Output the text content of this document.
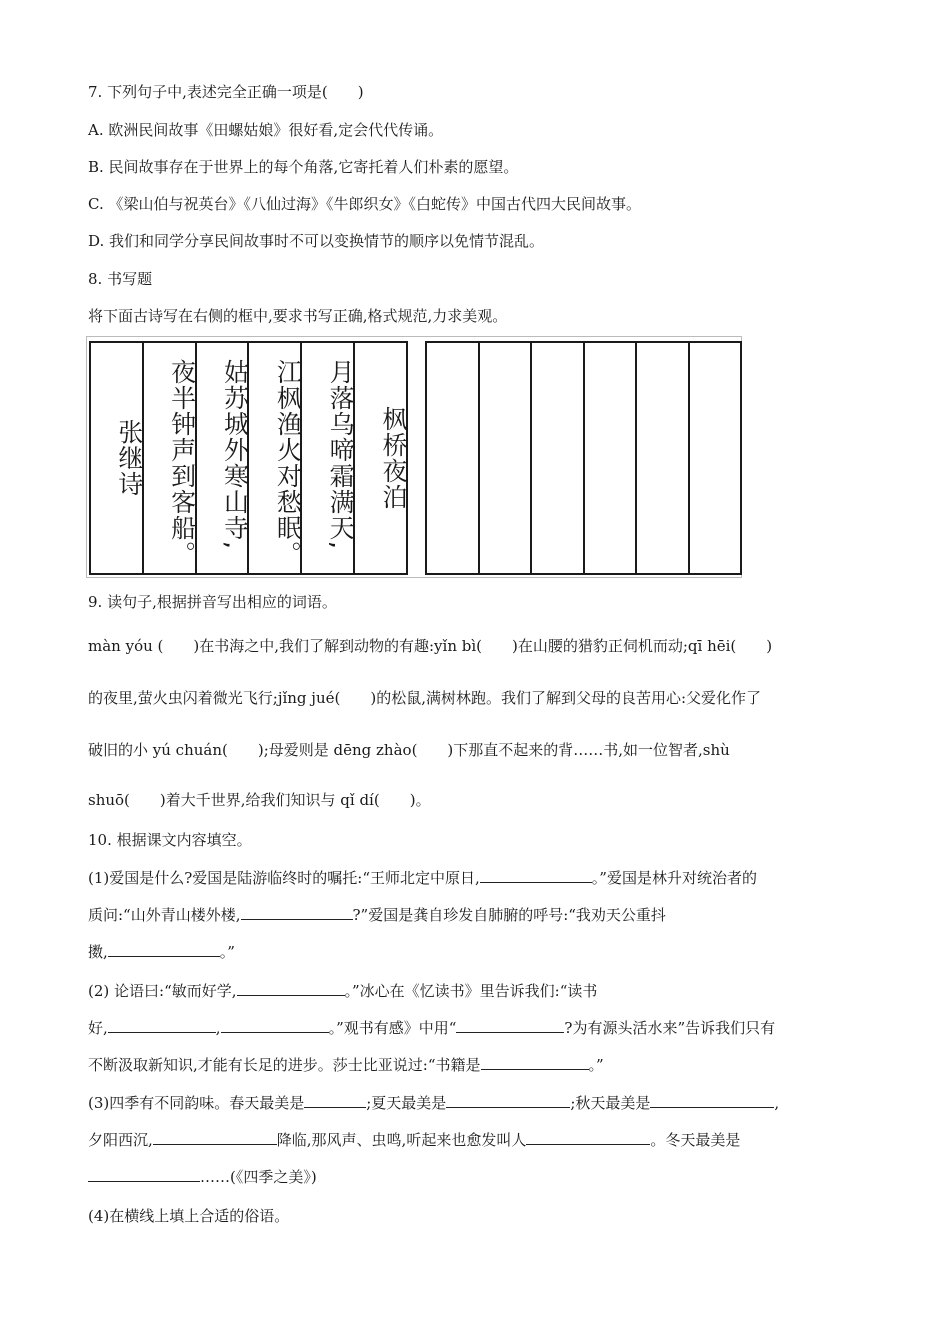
7. 下列句子中,表述完全正确一项是(　　)
A. 欧洲民间故事《田螺姑娘》很好看,定会代代传诵。
B. 民间故事存在于世界上的每个角落,它寄托着人们朴素的愿望。
C. 《梁山伯与祝英台》《八仙过海》《牛郎织女》《白蛇传》中国古代四大民间故事。
D. 我们和同学分享民间故事时不可以变换情节的顺序以免情节混乱。
8. 书写题
将下面古诗写在右侧的框中,要求书写正确,格式规范,力求美观。
张继诗 夜半钟声到客船。 姑苏城外寒山寺, 江枫渔火对愁眠。 月落乌啼霜满天, 枫桥夜泊
9. 读句子,根据拼音写出相应的词语。
màn yóu (　　)在书海之中,我们了解到动物的有趣:yǐn bì(　　)在山腰的猎豹正伺机而动;qī hēi(　　)
的夜里,萤火虫闪着微光飞行;jǐng jué(　　)的松鼠,满树林跑。我们了解到父母的良苦用心:父爱化作了
破旧的小 yú chuán(　　);母爱则是 dēng zhào(　　)下那直不起来的背……书,如一位智者,shù
shuō(　　)着大千世界,给我们知识与 qǐ dí(　　)。
10. 根据课文内容填空。
(1)爱国是什么?爱国是陆游临终时的嘱托:“王师北定中原日,	。”爱国是林升对统治者的
质问:“山外青山楼外楼,	?”爱国是龚自珍发自肺腑的呼号:“我劝天公重抖
擞,	。”
(2) 论语曰:“敏而好学,	。”冰心在《忆读书》里告诉我们:“读书
好,	,	。”观书有感》中用“	?为有源头活水来”告诉我们只有
不断汲取新知识,才能有长足的进步。莎士比亚说过:“书籍是	。”
(3)四季有不同韵味。春天最美是	;夏天最美是	;秋天最美是	,
夕阳西沉,	降临,那风声、虫鸣,听起来也愈发叫人	。冬天最美是
……(《四季之美》)
(4)在横线上填上合适的俗语。
